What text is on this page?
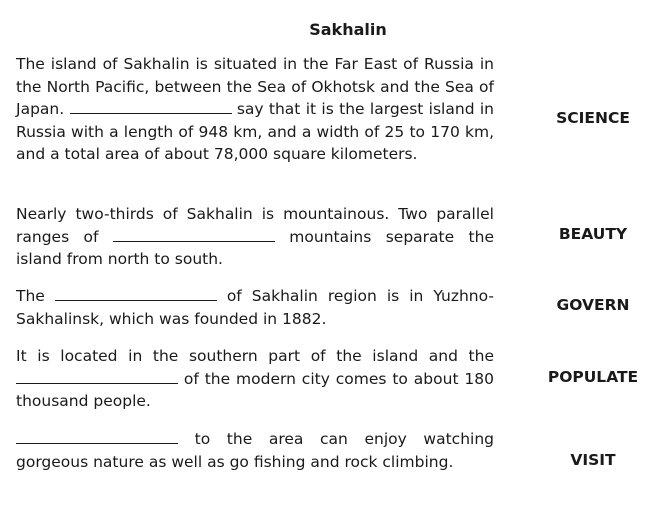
Sakhalin
The island of Sakhalin is situated in the Far East of Russia in the North Pacific, between the Sea of Okhotsk and the Sea of Japan.	say that it is the largest island in Russia with a length of 948 km, and a width of 25 to 170 km, and a total area of about 78,000 square kilometers.
SCIENCE
Nearly two-thirds of Sakhalin is mountainous. Two parallel ranges of	mountains separate the island from north to south.
BEAUTY
The	of Sakhalin region is in Yuzhno-Sakhalinsk, which was founded in 1882.
GOVERN
It is located in the southern part of the island and the  of the modern city comes to about 180 thousand people.
POPULATE
to the area can enjoy watching gorgeous nature as well as go fishing and rock climbing.	VISIT
